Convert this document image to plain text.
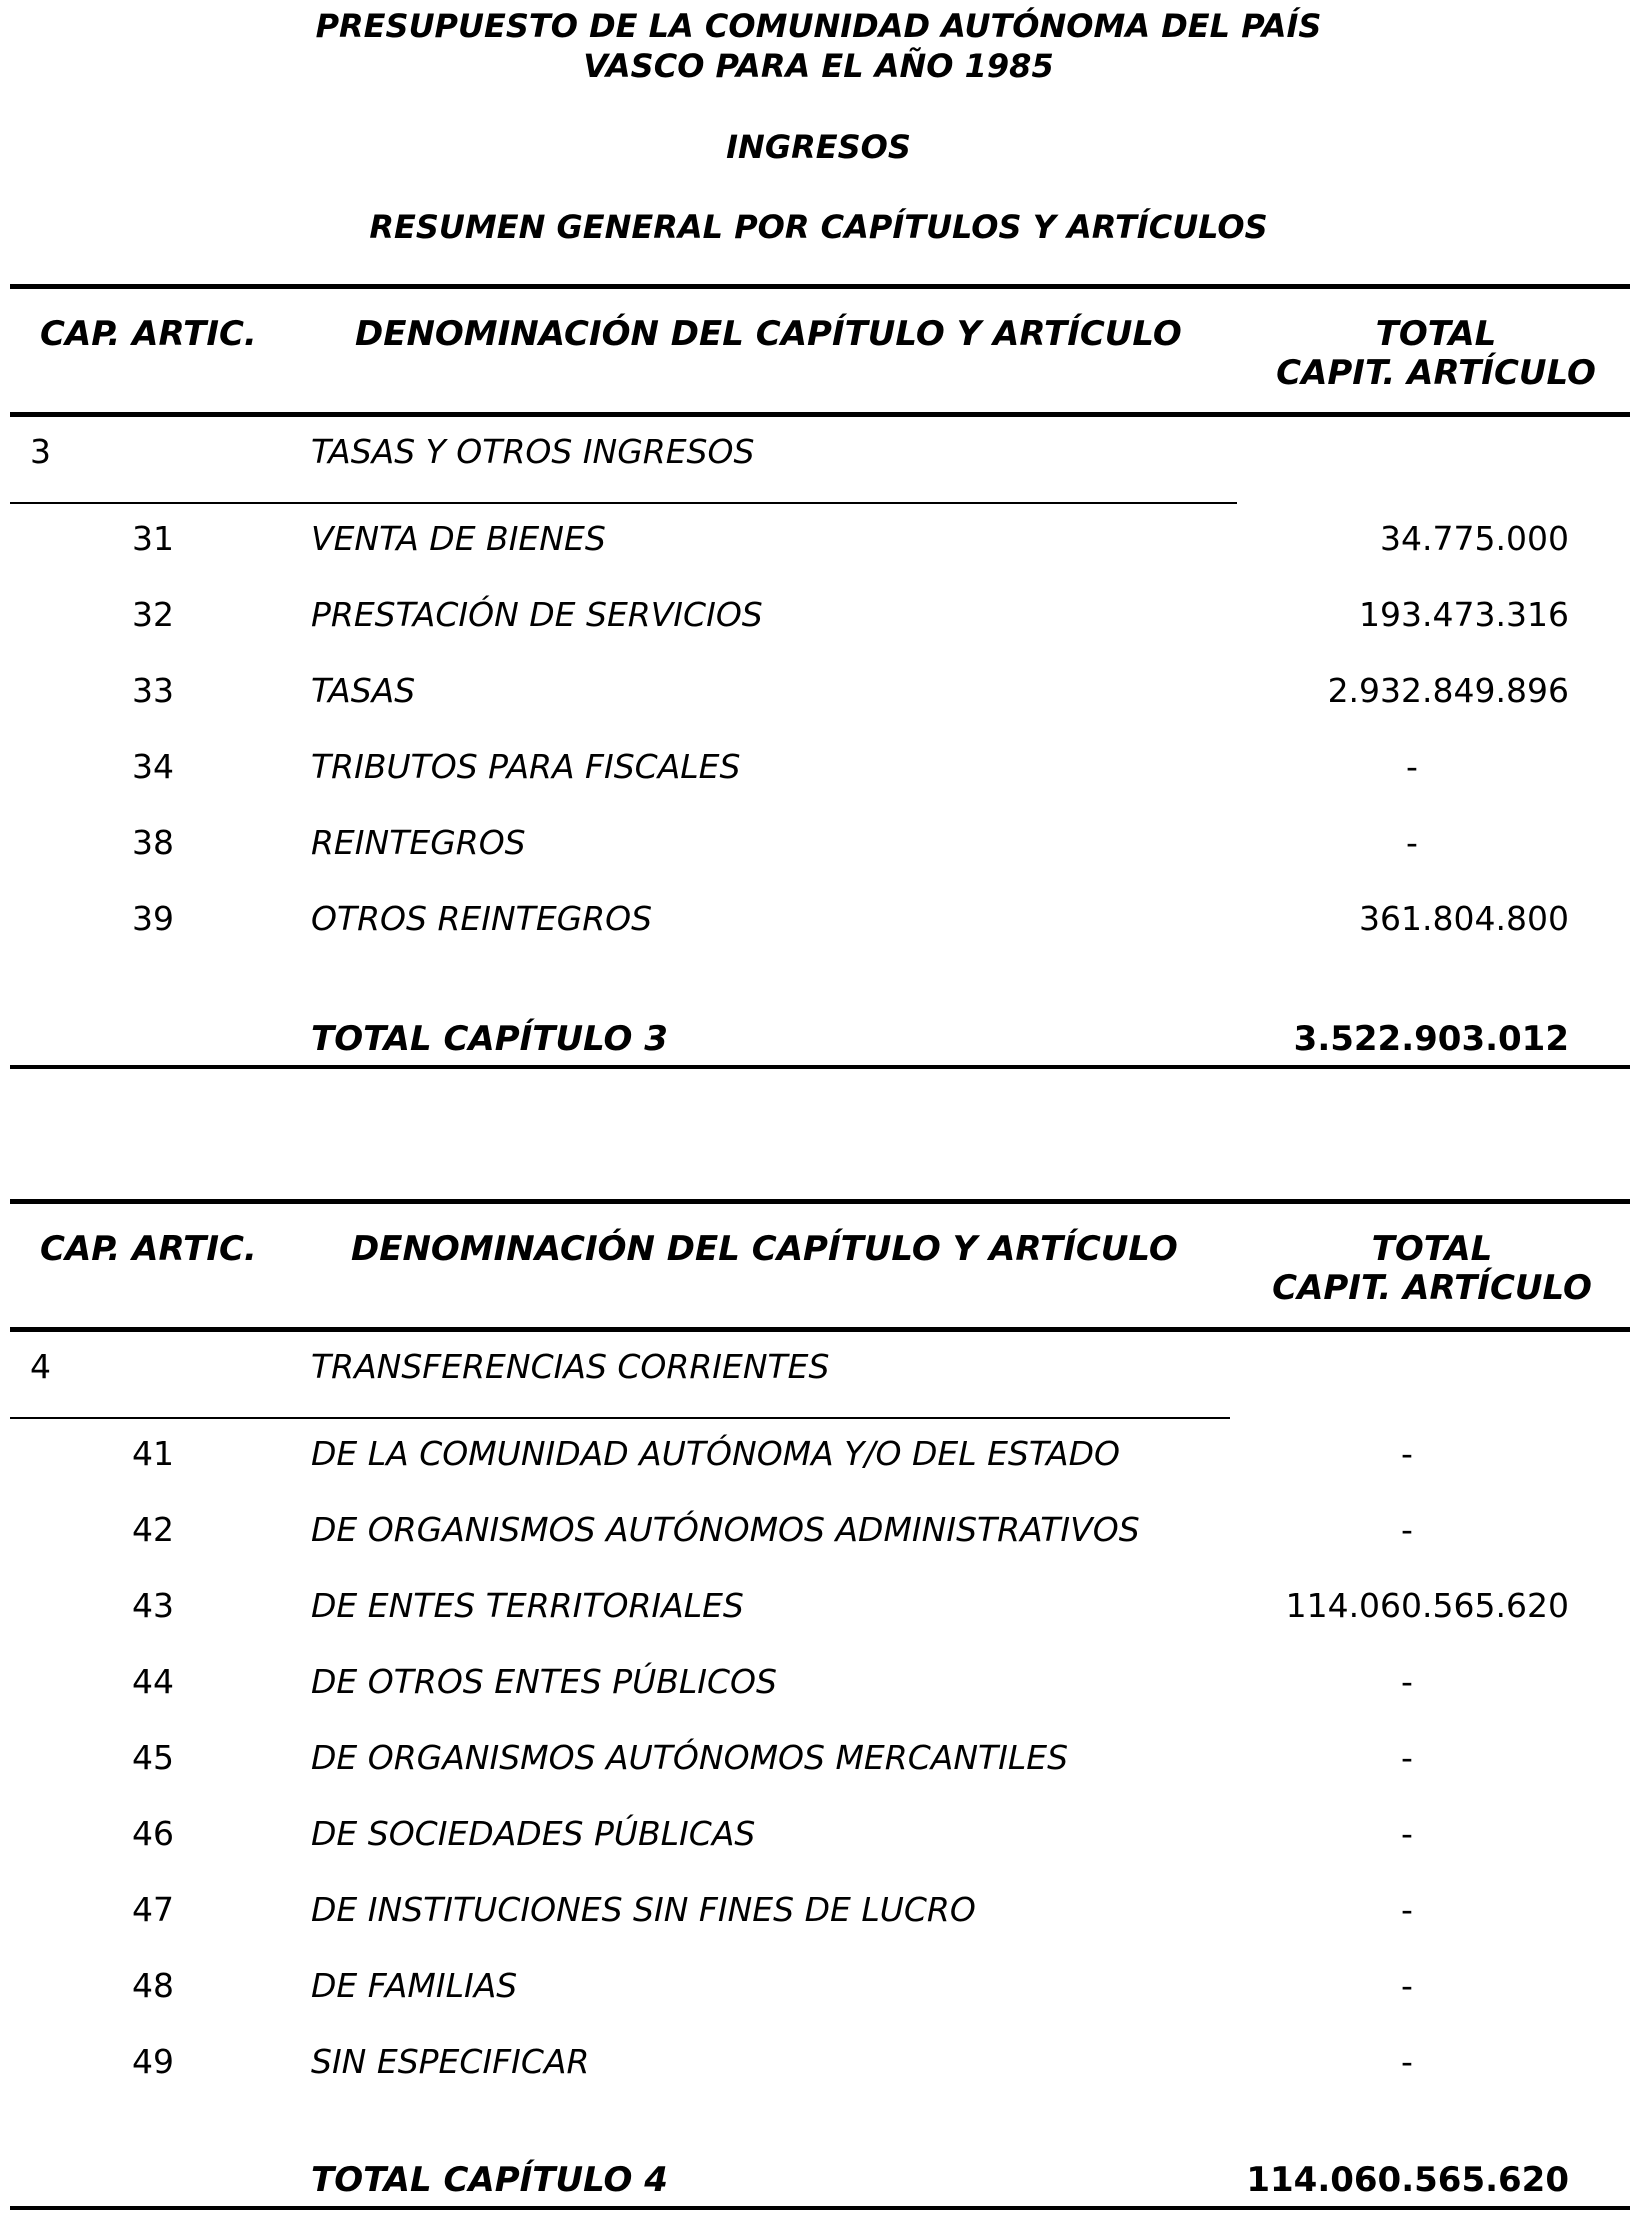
PRESUPUESTO DE LA COMUNIDAD AUTÓNOMA DEL PAÍS
VASCO PARA EL AÑO 1985
INGRESOS
RESUMEN GENERAL POR CAPÍTULOS Y ARTÍCULOS
CAP. ARTIC.	DENOMINACIÓN DEL CAPÍTULO Y ARTÍCULO	TOTAL
CAPIT. ARTÍCULO
3	TASAS Y OTROS INGRESOS
31	VENTA DE BIENES	34.775.000
32	PRESTACIÓN DE SERVICIOS	193.473.316
33	TASAS	2.932.849.896
34	TRIBUTOS PARA FISCALES	-
38	REINTEGROS	-
39	OTROS REINTEGROS	361.804.800
TOTAL CAPÍTULO 3	3.522.903.012
CAP. ARTIC.	DENOMINACIÓN DEL CAPÍTULO Y ARTÍCULO	TOTAL
CAPIT. ARTÍCULO
4	TRANSFERENCIAS CORRIENTES
41	DE LA COMUNIDAD AUTÓNOMA Y/O DEL ESTADO	-
42	DE ORGANISMOS AUTÓNOMOS ADMINISTRATIVOS	-
43	DE ENTES TERRITORIALES	114.060.565.620
44	DE OTROS ENTES PÚBLICOS	-
45	DE ORGANISMOS AUTÓNOMOS MERCANTILES	-
46	DE SOCIEDADES PÚBLICAS	-
47	DE INSTITUCIONES SIN FINES DE LUCRO	-
48	DE FAMILIAS	-
49	SIN ESPECIFICAR	-
TOTAL CAPÍTULO 4	114.060.565.620
